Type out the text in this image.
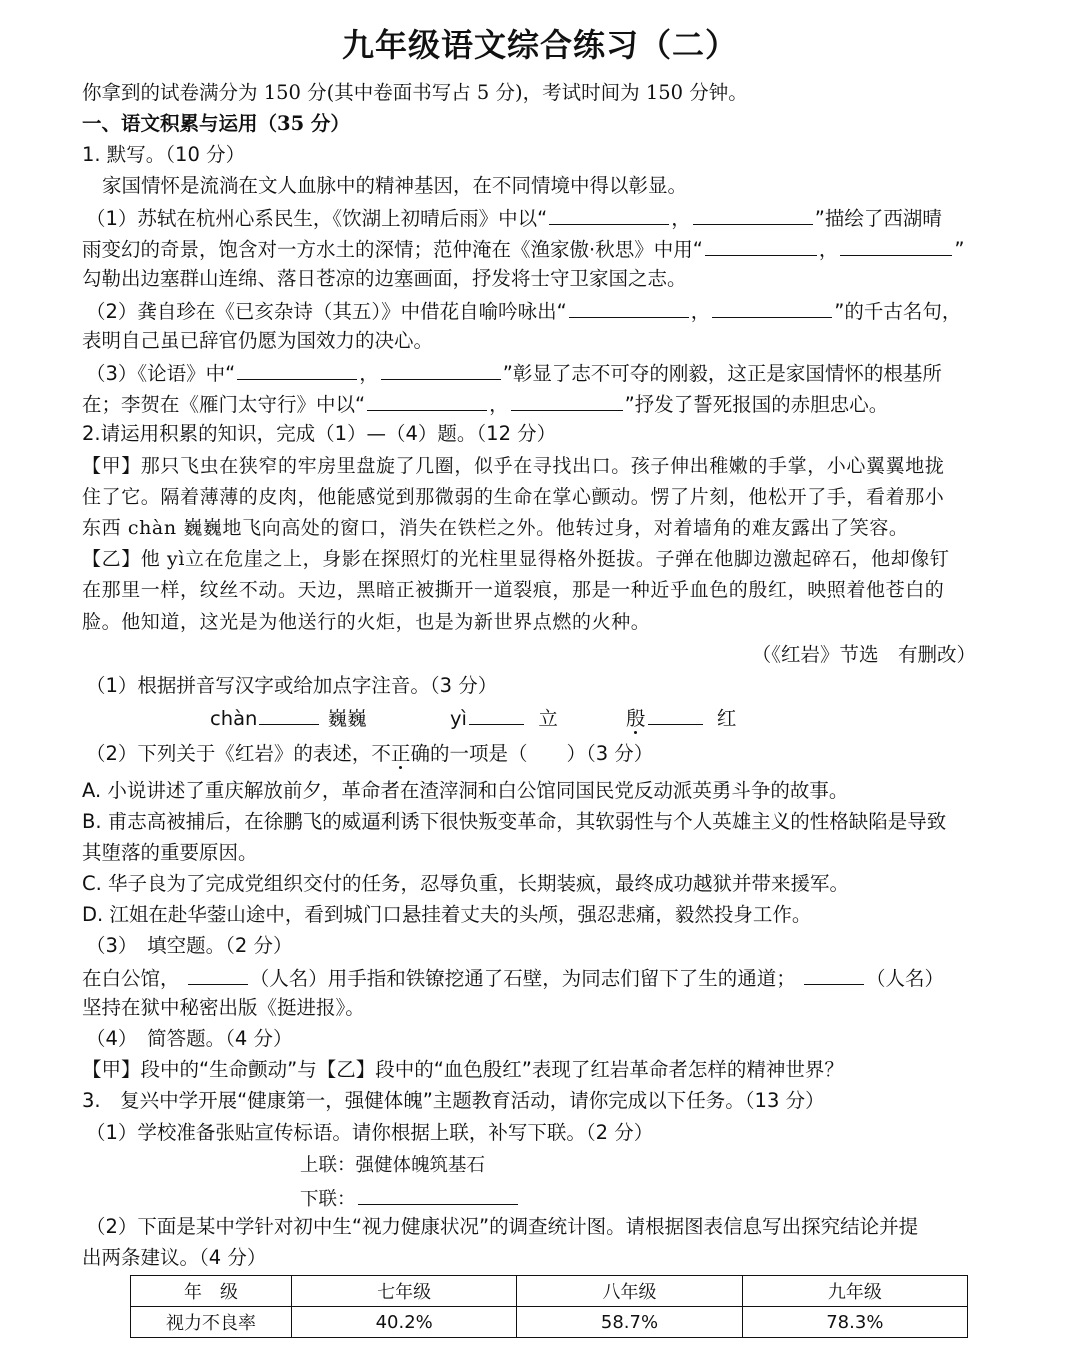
九年级语文综合练习（二）
你拿到的试卷满分为 150 分(其中卷面书写占 5 分)，考试时间为 150 分钟。
一、语文积累与运用（35 分）
1. 默写。（10 分）
家国情怀是流淌在文人血脉中的精神基因，在不同情境中得以彰显。
（1）苏轼在杭州心系民生，《饮湖上初晴后雨》中以“	，	”描绘了西湖晴
雨变幻的奇景，饱含对一方水土的深情；范仲淹在《渔家傲·秋思》中用“	，	”
勾勒出边塞群山连绵、落日苍凉的边塞画面，抒发将士守卫家国之志。
（2）龚自珍在《已亥杂诗（其五）》中借花自喻吟咏出“	，	”的千古名句，
表明自己虽已辞官仍愿为国效力的决心。
（3）《论语》中“	，	”彰显了志不可夺的刚毅，这正是家国情怀的根基所
在；李贺在《雁门太守行》中以“	，	”抒发了誓死报国的赤胆忠心。
2.请运用积累的知识，完成（1）—（4）题。（12 分）
【甲】那只飞虫在狭窄的牢房里盘旋了几圈，似乎在寻找出口。孩子伸出稚嫩的手掌，小心翼翼地拢
住了它。隔着薄薄的皮肉，他能感觉到那微弱的生命在掌心颤动。愣了片刻，他松开了手，看着那小
东西 chàn 巍巍地飞向高处的窗口，消失在铁栏之外。他转过身，对着墙角的难友露出了笑容。
【乙】他 yì立在危崖之上，身影在探照灯的光柱里显得格外挺拔。子弹在他脚边激起碎石，他却像钉
在那里一样，纹丝不动。天边，黑暗正被撕开一道裂痕，那是一种近乎血色的殷红，映照着他苍白的
脸。他知道，这光是为他送行的火炬，也是为新世界点燃的火种。
（《红岩》节选　有删改）
（1）根据拼音写汉字或给加点字注音。（3 分）
chàn	巍巍	yì	立	殷	红
（2）下列关于《红岩》的表述，不正确的一项是（　　）（3 分）
A. 小说讲述了重庆解放前夕，革命者在渣滓洞和白公馆同国民党反动派英勇斗争的故事。
B. 甫志高被捕后，在徐鹏飞的威逼利诱下很快叛变革命，其软弱性与个人英雄主义的性格缺陷是导致
其堕落的重要原因。
C. 华子良为了完成党组织交付的任务，忍辱负重，长期装疯，最终成功越狱并带来援军。
D. 江姐在赴华蓥山途中，看到城门口悬挂着丈夫的头颅，强忍悲痛，毅然投身工作。
（3）　填空题。（2 分）
在白公馆，	（人名）用手指和铁镣挖通了石壁，为同志们留下了生的通道；	（人名）
坚持在狱中秘密出版《挺进报》。
（4）　简答题。（4 分）
【甲】段中的“生命颤动”与【乙】段中的“血色殷红”表现了红岩革命者怎样的精神世界？
3.　复兴中学开展“健康第一，强健体魄”主题教育活动，请你完成以下任务。（13 分）
（1）学校准备张贴宣传标语。请你根据上联，补写下联。（2 分）
上联：强健体魄筑基石
下联：
（2）下面是某中学针对初中生“视力健康状况”的调查统计图。请根据图表信息写出探究结论并提
出两条建议。（4 分）
年　级	七年级	八年级	九年级
视力不良率	40.2%	58.7%	78.3%
